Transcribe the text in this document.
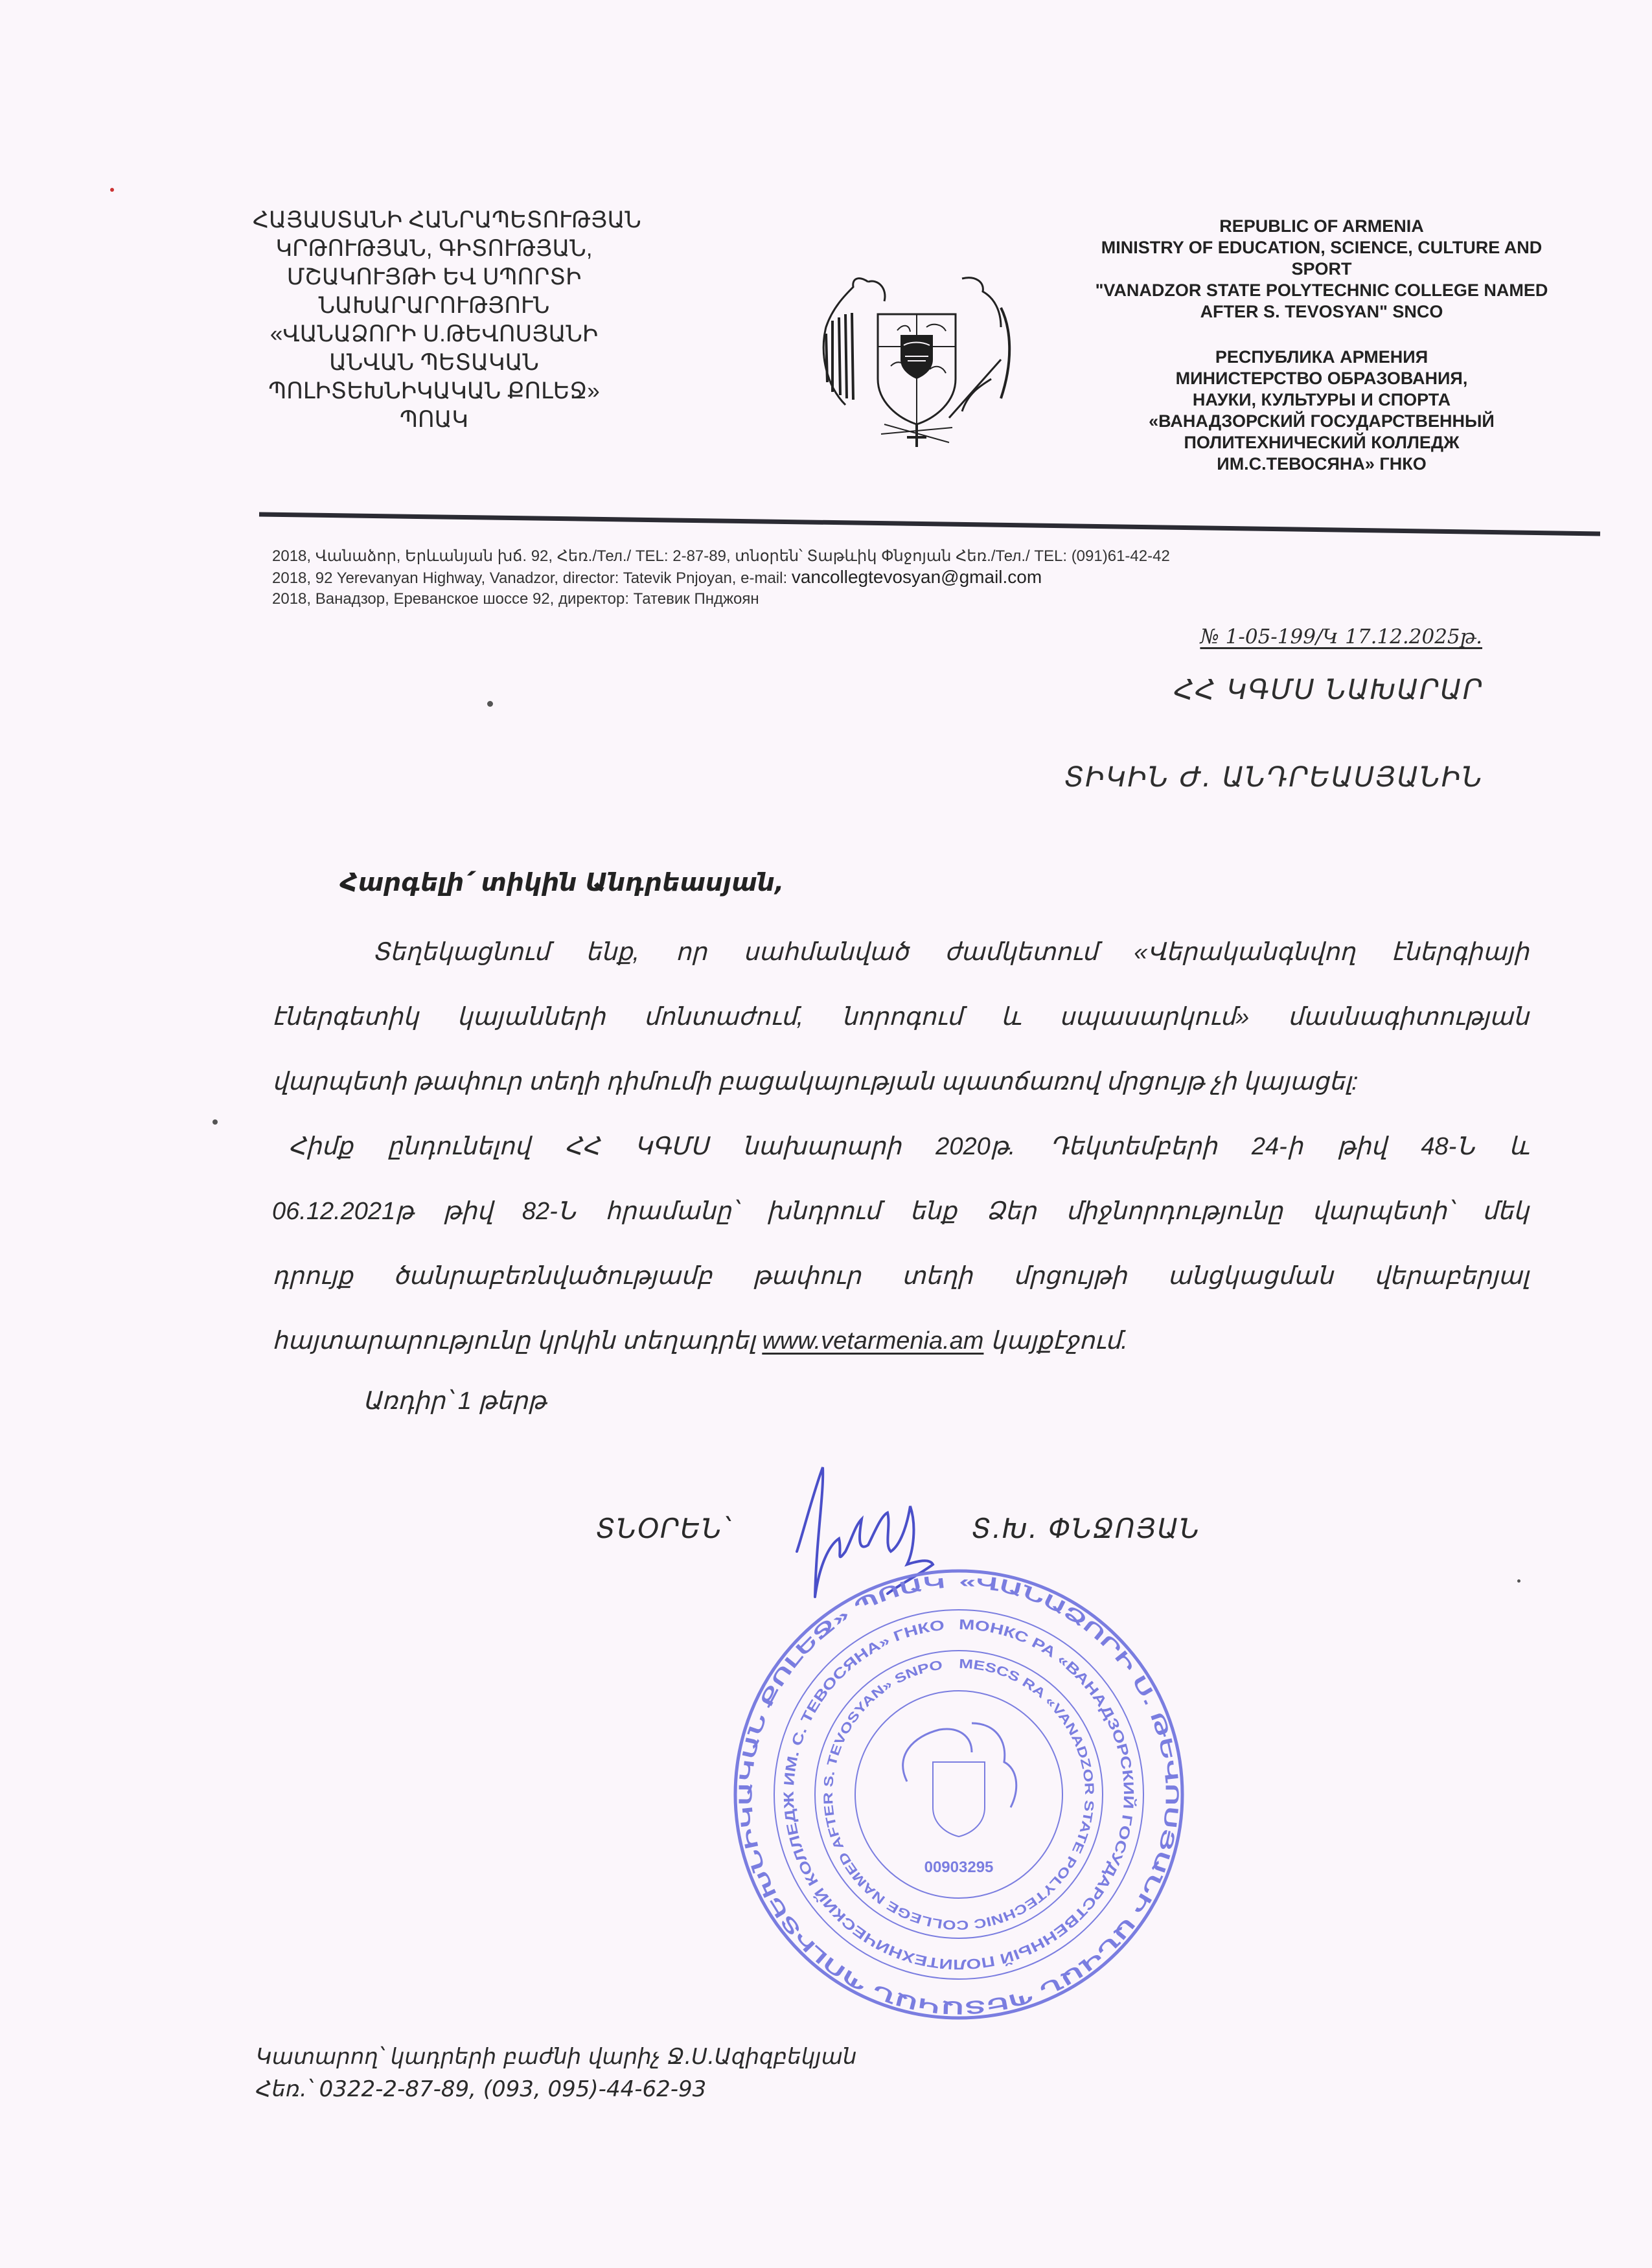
ՀԱՅԱՍՏԱՆԻ ՀԱՆՐԱՊԵՏՈՒԹՅԱՆ
ԿՐԹՈՒԹՅԱՆ, ԳԻՏՈՒԹՅԱՆ,
ՄՇԱԿՈՒՅԹԻ ԵՎ ՍՊՈՐՏԻ
ՆԱԽԱՐԱՐՈՒԹՅՈՒՆ
«ՎԱՆԱՁՈՐԻ Ս.ԹԵՎՈՍՅԱՆԻ
ԱՆՎԱՆ ՊԵՏԱԿԱՆ
ՊՈԼԻՏԵԽՆԻԿԱԿԱՆ ՔՈԼԵՋ»
ՊՈԱԿ
REPUBLIC OF ARMENIA
MINISTRY OF EDUCATION, SCIENCE, CULTURE AND
SPORT
"VANADZOR STATE POLYTECHNIC COLLEGE NAMED
AFTER S. TEVOSYAN" SNCO
РЕСПУБЛИКА АРМЕНИЯ
МИНИСТЕРСТВО ОБРАЗОВАНИЯ,
НАУКИ, КУЛЬТУРЫ И СПОРТА
«ВАНАДЗОРСКИЙ ГОСУДАРСТВЕННЫЙ
ПОЛИТЕХНИЧЕСКИЙ КОЛЛЕДЖ
ИМ.С.ТЕВОСЯНА» ГНКО
2018, Վանաձոր, Երևանյան խճ. 92, Հեռ./Тел./ TEL: 2-87-89, տնօրեն՝ Տաթևիկ Փնջոյան Հեռ./Тел./ TEL: (091)61-42-42
2018, 92 Yerevanyan Highway, Vanadzor, director: Tatevik Pnjoyan, e-mail: vancollegtevosyan@gmail.com
2018, Ванадзор, Ереванское шоссе 92, директор: Татевик Пнджоян
№ 1-05-199/Կ 17.12.2025թ.
ՀՀ ԿԳՄՍ ՆԱԽԱՐԱՐ
ՏԻԿԻՆ Ժ. ԱՆԴՐԵԱՍՅԱՆԻՆ
Հարգելի՛ տիկին Անդրեասյան,
Տեղեկացնում ենք, որ սահմանված ժամկետում «Վերականգնվող էներգիայի
էներգետիկ կայանների մոնտաժում, նորոգում և սպասարկում» մասնագիտության
վարպետի թափուր տեղի դիմումի բացակայության պատճառով մրցույթ չի կայացել:
Հիմք ընդունելով ՀՀ ԿԳՄՍ նախարարի 2020թ. Դեկտեմբերի 24-ի թիվ 48-Ն և
06.12.2021թ թիվ 82-Ն հրամանը՝ խնդրում ենք Ձեր միջնորդությունը վարպետի՝ մեկ
դրույք ծանրաբեռնվածությամբ թափուր տեղի մրցույթի անցկացման վերաբերյալ
հայտարարությունը կրկին տեղադրել www.vetarmenia.am կայքէջում.
Առդիր՝ 1 թերթ
ՏՆՕՐԵՆ՝	Տ.Խ. ՓՆՋՈՅԱՆ
«ՎԱՆԱՁՈՐԻ Ս. ԹԵՎՈՍՅԱՆԻ ԱՆՎԱՆ ՊԵՏԱԿԱՆ ՊՈԼԻՏԵԽՆԻԿԱԿԱՆ ՔՈԼԵՋ» ՊՈԱԿ
МОНКС РА «ВАНАДЗОРСКИЙ ГОСУДАРСТВЕННЫЙ ПОЛИТЕХНИЧЕСКИЙ КОЛЛЕДЖ ИМ. С. ТЕВОСЯНА» ГНКО
MESCS RA «VANADZOR STATE POLYTECHNIC COLLEGE NAMED AFTER S. TEVOSYAN» SNPO
00903295
Կատարող՝ կադրերի բաժնի վարիչ Ջ.Ս.Ազիզբեկյան
Հեռ.՝ 0322-2-87-89, (093, 095)-44-62-93
